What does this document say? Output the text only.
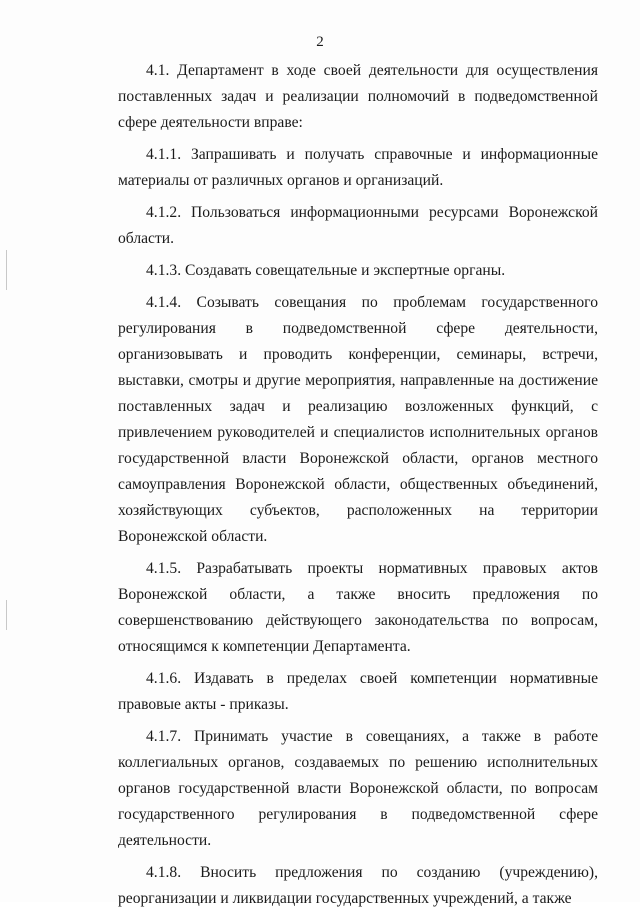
2

4.1. Департамент в ходе своей деятельности для осуществления поставленных задач и реализации полномочий в подведомственной сфере деятельности вправе:

4.1.1. Запрашивать и получать справочные и информационные материалы от различных органов и организаций.

4.1.2. Пользоваться информационными ресурсами Воронежской области.

4.1.3. Создавать совещательные и экспертные органы.

4.1.4. Созывать совещания по проблемам государственного регулирования в подведомственной сфере деятельности, организовывать и проводить конференции, семинары, встречи, выставки, смотры и другие мероприятия, направленные на достижение поставленных задач и реализацию возложенных функций, с привлечением руководителей и специалистов исполнительных органов государственной власти Воронежской области, органов местного самоуправления Воронежской области, общественных объединений, хозяйствующих субъектов, расположенных на территории Воронежской области.

4.1.5. Разрабатывать проекты нормативных правовых актов Воронежской области, а также вносить предложения по совершенствованию действующего законодательства по вопросам, относящимся к компетенции Департамента.

4.1.6. Издавать в пределах своей компетенции нормативные правовые акты - приказы.

4.1.7. Принимать участие в совещаниях, а также в работе коллегиальных органов, создаваемых по решению исполнительных органов государственной власти Воронежской области, по вопросам государственного регулирования в подведомственной сфере деятельности.

4.1.8. Вносить предложения по созданию (учреждению), реорганизации и ликвидации государственных учреждений, а также
